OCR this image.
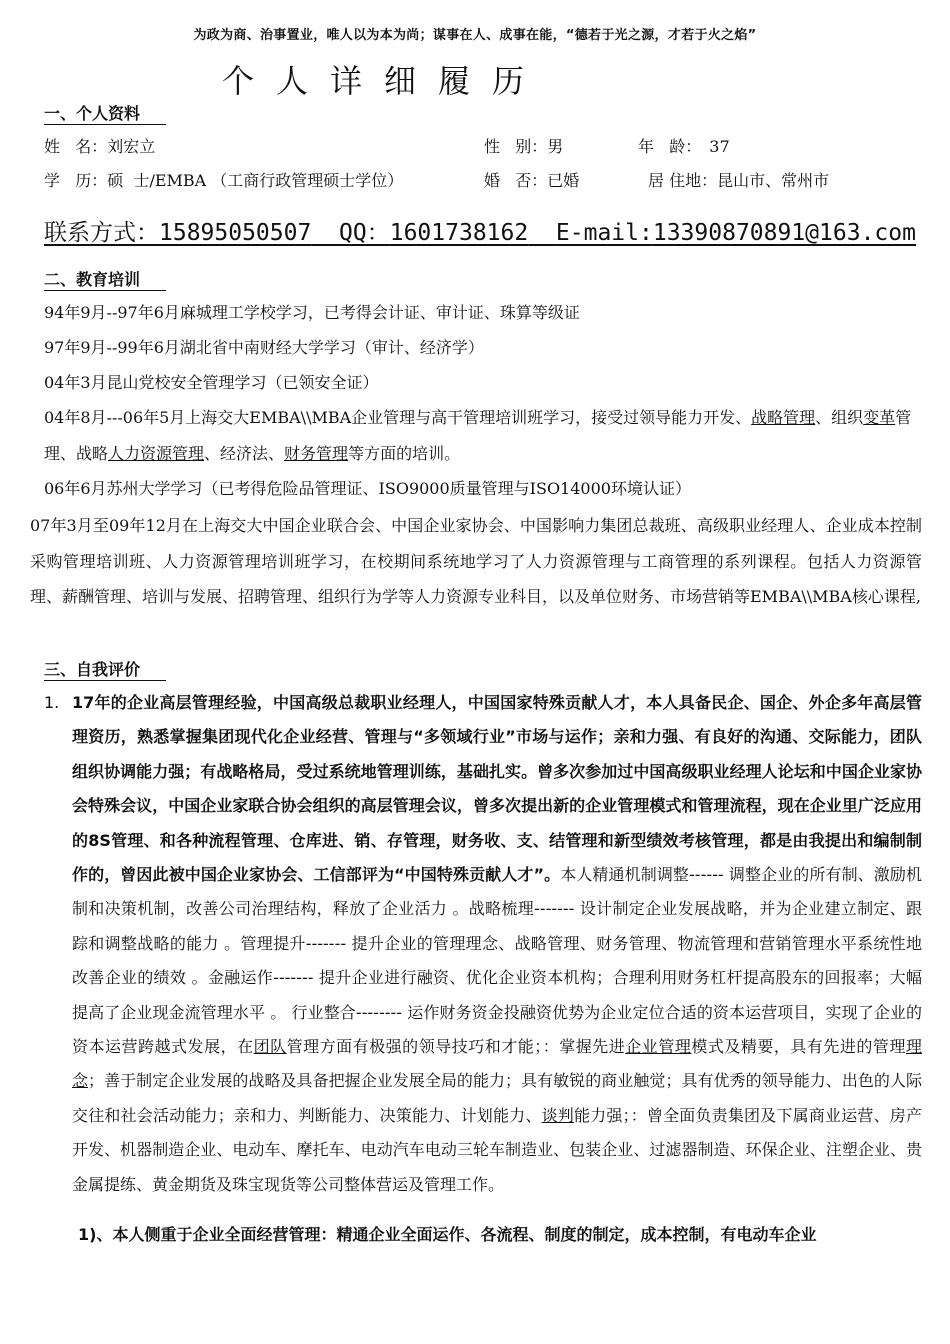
为政为商、治事置业，唯人以为本为尚；谋事在人、成事在能，“德若于光之源，才若于火之焰”
个人详细履历
一、个人资料
姓   名：刘宏立	性   别：男	年   龄： 37
学   历：硕  士/EMBA （工商行政管理硕士学位）	婚   否：已婚	居 住地：昆山市、常州市
联系方式：15895050507 QQ：1601738162 E-mail:13390870891@163.com
二、教育培训
94年9月--97年6月麻城理工学校学习，已考得会计证、审计证、珠算等级证
97年9月--99年6月湖北省中南财经大学学习（审计、经济学）
04年3月昆山党校安全管理学习（已领安全证）
04年8月---06年5月上海交大EMBA\\MBA企业管理与高干管理培训班学习，接受过领导能力开发、战略管理、组织变革管理、战略人力资源管理、经济法、财务管理等方面的培训。
06年6月苏州大学学习（已考得危险品管理证、ISO9000质量管理与ISO14000环境认证）
07年3月至09年12月在上海交大中国企业联合会、中国企业家协会、中国影响力集团总裁班、高级职业经理人、企业成本控制采购管理培训班、人力资源管理培训班学习，在校期间系统地学习了人力资源管理与工商管理的系列课程。包括人力资源管理、薪酬管理、培训与发展、招聘管理、组织行为学等人力资源专业科目，以及单位财务、市场营销等EMBA\\MBA核心课程,
三、自我评价
1. 17年的企业高层管理经验，中国高级总裁职业经理人，中国国家特殊贡献人才，本人具备民企、国企、外企多年高层管理资历，熟悉掌握集团现代化企业经营、管理与“多领域行业”市场与运作；亲和力强、有良好的沟通、交际能力，团队组织协调能力强；有战略格局，受过系统地管理训练，基础扎实。曾多次参加过中国高级职业经理人论坛和中国企业家协会特殊会议，中国企业家联合协会组织的高层管理会议，曾多次提出新的企业管理模式和管理流程，现在企业里广泛应用的8S管理、和各种流程管理、仓库进、销、存管理，财务收、支、结管理和新型绩效考核管理，都是由我提出和编制制作的，曾因此被中国企业家协会、工信部评为“中国特殊贡献人才”。本人精通机制调整------ 调整企业的所有制、激励机制和决策机制，改善公司治理结构，释放了企业活力 。战略梳理------- 设计制定企业发展战略，并为企业建立制定、跟踪和调整战略的能力 。管理提升------- 提升企业的管理理念、战略管理、财务管理、物流管理和营销管理水平系统性地改善企业的绩效 。金融运作------- 提升企业进行融资、优化企业资本机构；合理利用财务杠杆提高股东的回报率；大幅提高了企业现金流管理水平 。 行业整合-------- 运作财务资金投融资优势为企业定位合适的资本运营项目，实现了企业的资本运营跨越式发展，在团队管理方面有极强的领导技巧和才能；：掌握先进企业管理模式及精要，具有先进的管理理念；善于制定企业发展的战略及具备把握企业发展全局的能力；具有敏锐的商业触觉；具有优秀的领导能力、出色的人际交往和社会活动能力；亲和力、判断能力、决策能力、计划能力、谈判能力强；：曾全面负责集团及下属商业运营、房产开发、机器制造企业、电动车、摩托车、电动汽车电动三轮车制造业、包装企业、过滤器制造、环保企业、注塑企业、贵金属提练、黄金期货及珠宝现货等公司整体营运及管理工作。
1)、本人侧重于企业全面经营管理：精通企业全面运作、各流程、制度的制定，成本控制，有电动车企业
